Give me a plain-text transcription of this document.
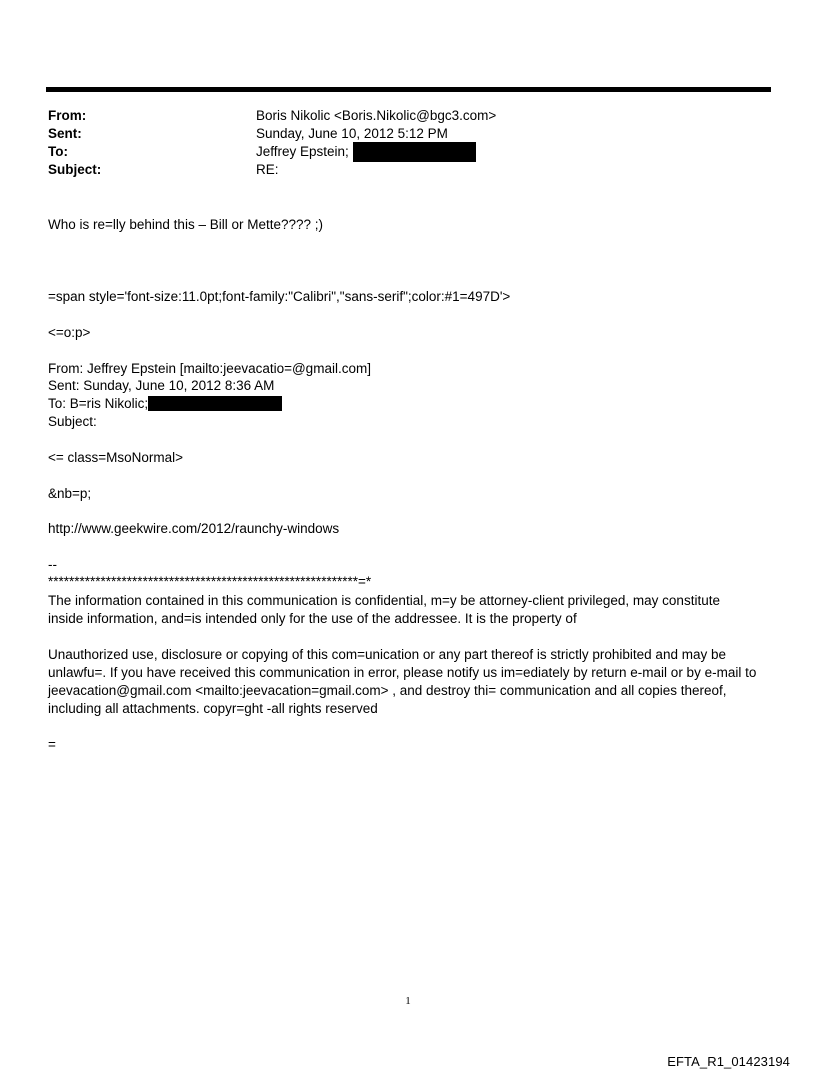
From:	Boris Nikolic <Boris.Nikolic@bgc3.com>
Sent:	Sunday, June 10, 2012 5:12 PM
To:	Jeffrey Epstein;
Subject:	RE:
Who is re=lly behind this – Bill or Mette???? ;)
=span style='font-size:11.0pt;font-family:"Calibri","sans-serif";color:#1=497D'>
<=o:p>
From: Jeffrey Epstein [mailto:jeevacatio=@gmail.com]
Sent: Sunday, June 10, 2012 8:36 AM
To: B=ris Nikolic;
Subject:
<= class=MsoNormal>
&nb=p;
http://www.geekwire.com/2012/raunchy-windows
--
***********************************************************=*
The information contained in this communication is confidential, m=y be attorney-client privileged, may constitute inside information, and=is intended only for the use of the addressee. It is the property of
Unauthorized use, disclosure or copying of this com=unication or any part thereof is strictly prohibited and may be unlawfu=. If you have received this communication in error, please notify us im=ediately by return e-mail or by e-mail to jeevacation@gmail.com <mailto:jeevacation=gmail.com> , and destroy thi= communication and all copies thereof, including all attachments. copyr=ght -all rights reserved
=
1
EFTA_R1_01423194
